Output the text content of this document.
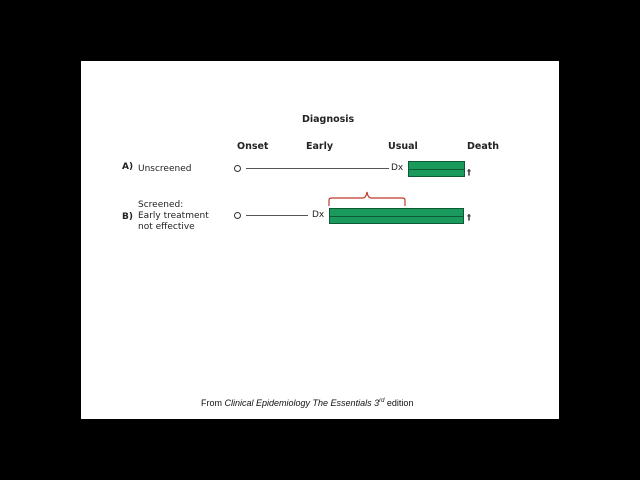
Diagnosis
Onset	Early	Usual	Death
A) Unscreened	Dx	†
Screened:
B) Early treatment
not effective
Dx	†
From Clinical Epidemiology The Essentials 3rd edition
